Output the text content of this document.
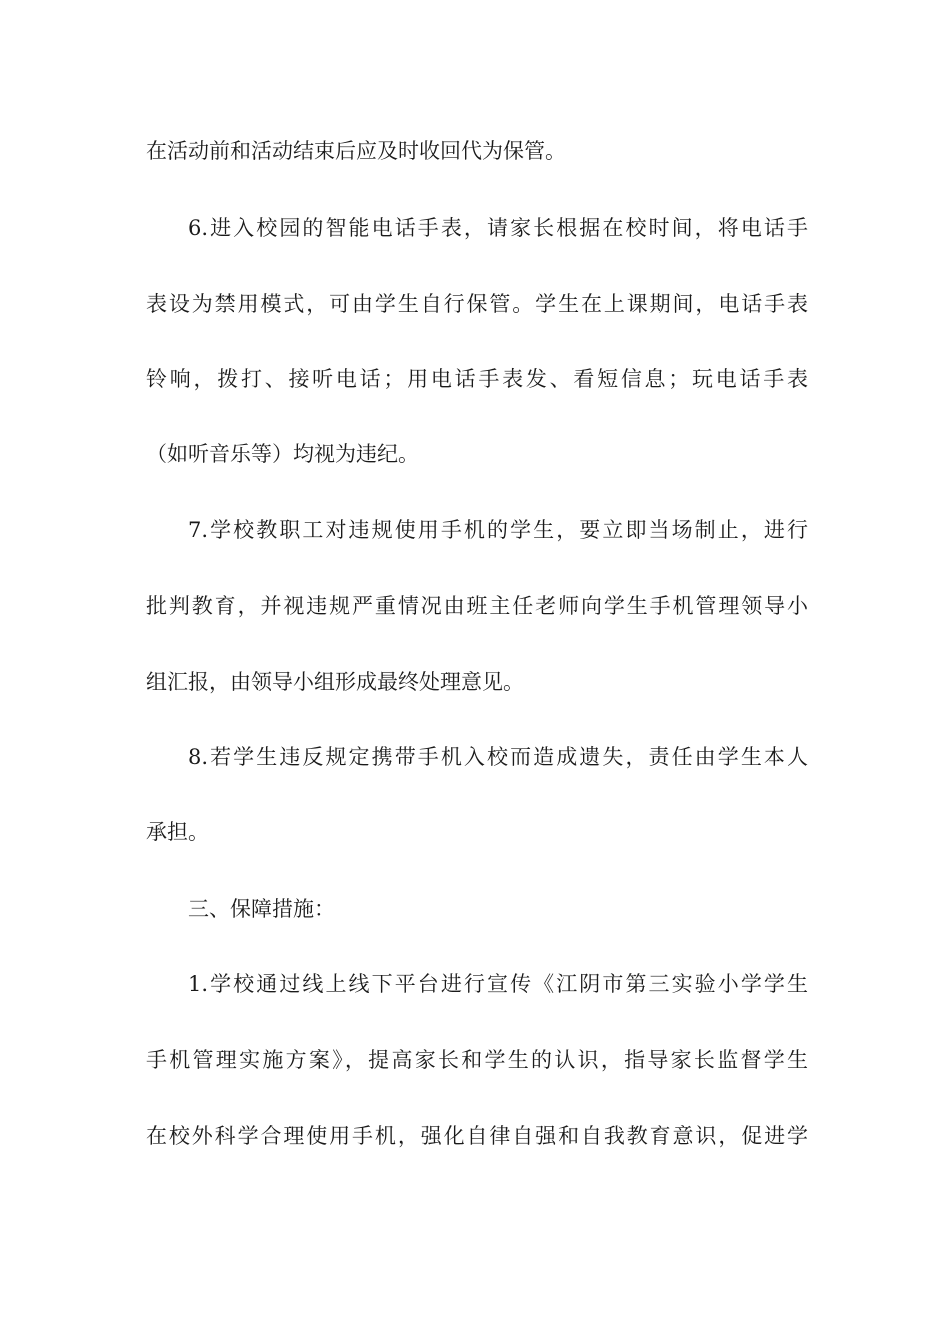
在活动前和活动结束后应及时收回代为保管。
6.进入校园的智能电话手表，请家长根据在校时间，将电话手
表设为禁用模式，可由学生自行保管。学生在上课期间，电话手表
铃响，拨打、接听电话；用电话手表发、看短信息；玩电话手表
（如听音乐等）均视为违纪。
7.学校教职工对违规使用手机的学生，要立即当场制止，进行
批判教育，并视违规严重情况由班主任老师向学生手机管理领导小
组汇报，由领导小组形成最终处理意见。
8.若学生违反规定携带手机入校而造成遗失，责任由学生本人
承担。
三、保障措施：
1.学校通过线上线下平台进行宣传《江阴市第三实验小学学生
手机管理实施方案》，提高家长和学生的认识，指导家长监督学生
在校外科学合理使用手机，强化自律自强和自我教育意识，促进学
